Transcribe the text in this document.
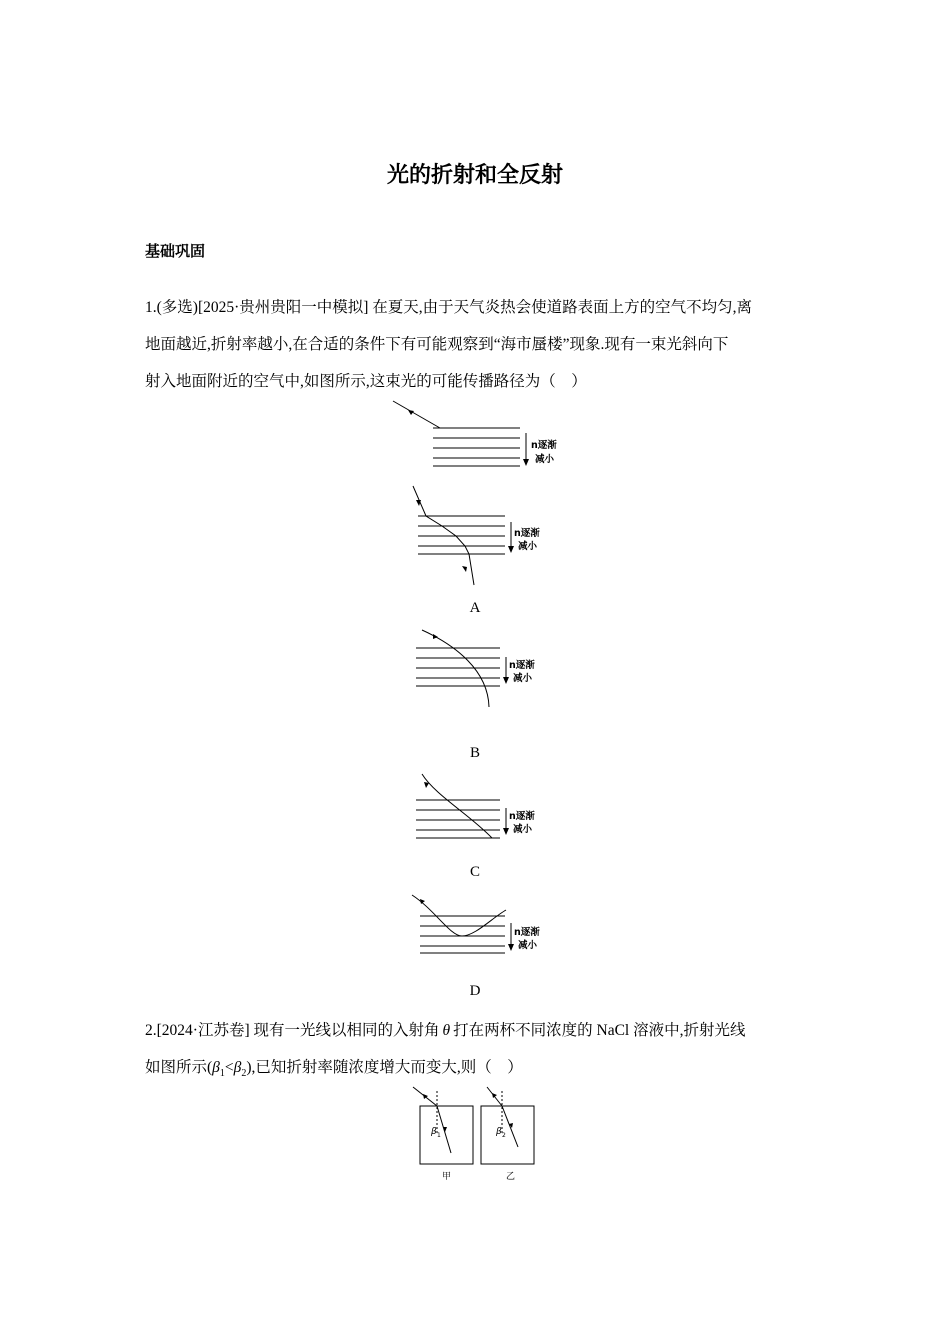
光的折射和全反射
基础巩固
1.(多选)[2025·贵州贵阳一中模拟] 在夏天,由于天气炎热会使道路表面上方的空气不均匀,离
地面越近,折射率越小,在合适的条件下有可能观察到“海市蜃楼”现象.现有一束光斜向下
射入地面附近的空气中,如图所示,这束光的可能传播路径为（　）
n逐渐
减小
n逐渐
减小
A
n逐渐
减小
B
n逐渐
减小
C
n逐渐
减小
D
2.[2024·江苏卷] 现有一光线以相同的入射角 θ 打在两杯不同浓度的 NaCl 溶液中,折射光线
如图所示$(\beta_1<\beta_2)$,已知折射率随浓度增大而变大,则（　）
β 1	β 2
甲	乙
